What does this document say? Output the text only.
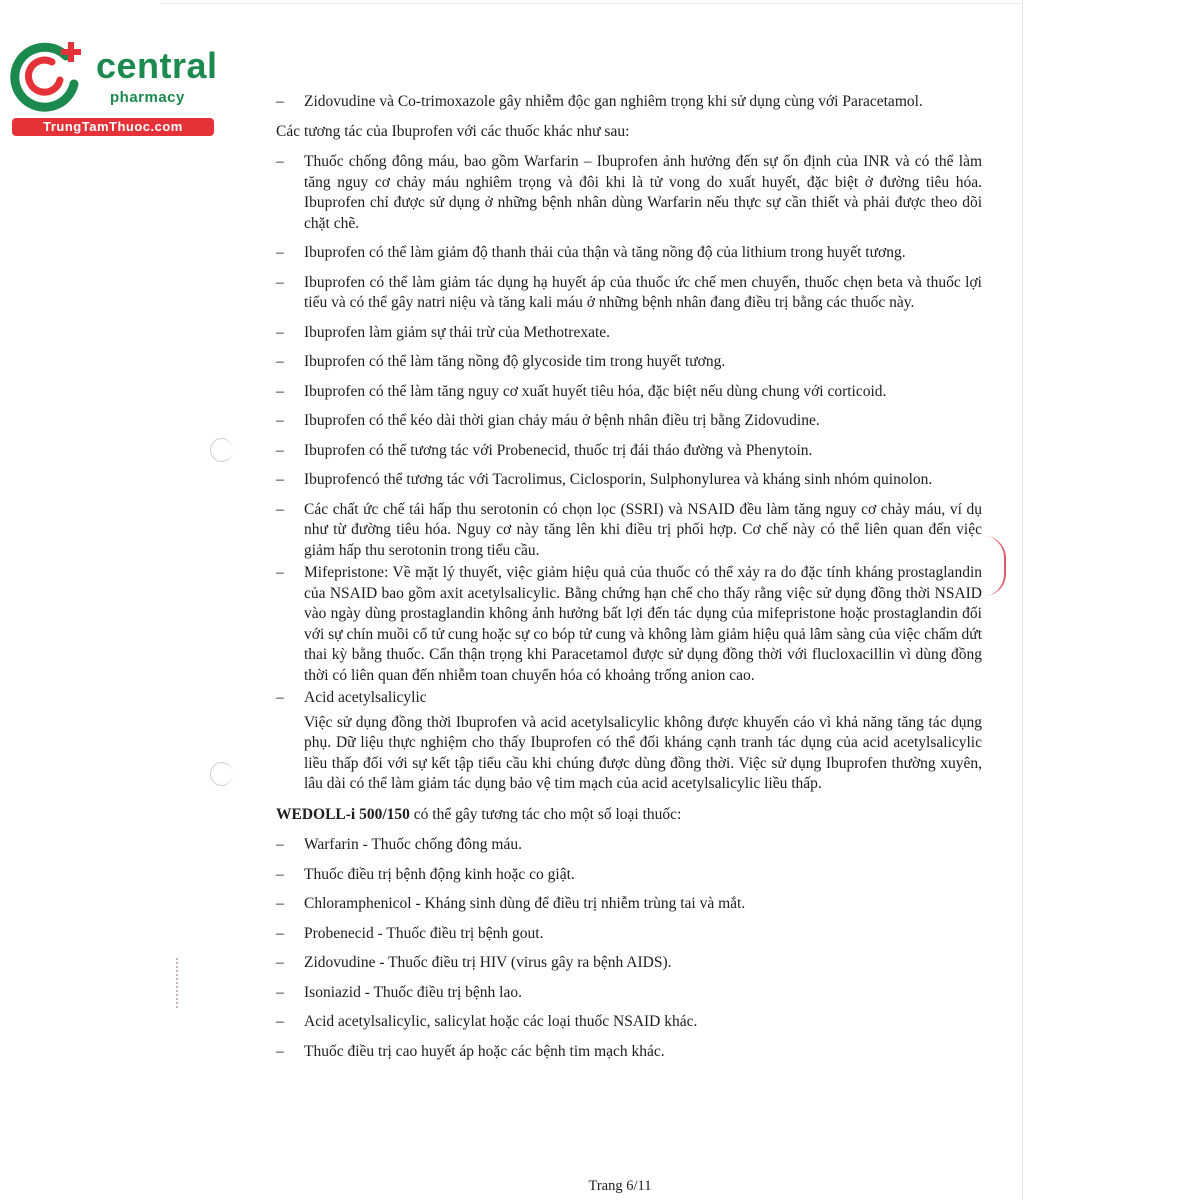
central
pharmacy
TrungTamThuoc.com
– Zidovudine và Co-trimoxazole gây nhiễm độc gan nghiêm trọng khi sử dụng cùng với Paracetamol.
Các tương tác của Ibuprofen với các thuốc khác như sau:
– Thuốc chống đông máu, bao gồm Warfarin – Ibuprofen ảnh hưởng đến sự ổn định của INR và có thể làm tăng nguy cơ chảy máu nghiêm trọng và đôi khi là tử vong do xuất huyết, đặc biệt ở đường tiêu hóa. Ibuprofen chỉ được sử dụng ở những bệnh nhân dùng Warfarin nếu thực sự cần thiết và phải được theo dõi chặt chẽ.
– Ibuprofen có thể làm giảm độ thanh thải của thận và tăng nồng độ của lithium trong huyết tương.
– Ibuprofen có thể làm giảm tác dụng hạ huyết áp của thuốc ức chế men chuyển, thuốc chẹn beta và thuốc lợi tiểu và có thể gây natri niệu và tăng kali máu ở những bệnh nhân đang điều trị bằng các thuốc này.
– Ibuprofen làm giảm sự thải trừ của Methotrexate.
– Ibuprofen có thể làm tăng nồng độ glycoside tim trong huyết tương.
– Ibuprofen có thể làm tăng nguy cơ xuất huyết tiêu hóa, đặc biệt nếu dùng chung với corticoid.
– Ibuprofen có thể kéo dài thời gian chảy máu ở bệnh nhân điều trị bằng Zidovudine.
– Ibuprofen có thể tương tác với Probenecid, thuốc trị đái tháo đường và Phenytoin.
– Ibuprofencó thể tương tác với Tacrolimus, Ciclosporin, Sulphonylurea và kháng sinh nhóm quinolon.
– Các chất ức chế tái hấp thu serotonin có chọn lọc (SSRI) và NSAID đều làm tăng nguy cơ chảy máu, ví dụ như từ đường tiêu hóa. Nguy cơ này tăng lên khi điều trị phối hợp. Cơ chế này có thể liên quan đến việc giảm hấp thu serotonin trong tiểu cầu.
– Mifepristone: Về mặt lý thuyết, việc giảm hiệu quả của thuốc có thể xảy ra do đặc tính kháng prostaglandin của NSAID bao gồm axit acetylsalicylic. Bằng chứng hạn chế cho thấy rằng việc sử dụng đồng thời NSAID vào ngày dùng prostaglandin không ảnh hưởng bất lợi đến tác dụng của mifepristone hoặc prostaglandin đối với sự chín muồi cổ tử cung hoặc sự co bóp tử cung và không làm giảm hiệu quả lâm sàng của việc chấm dứt thai kỳ bằng thuốc. Cẩn thận trọng khi Paracetamol được sử dụng đồng thời với flucloxacillin vì dùng đồng thời có liên quan đến nhiễm toan chuyển hóa có khoảng trống anion cao.
– Acid acetylsalicylic
Việc sử dụng đồng thời Ibuprofen và acid acetylsalicylic không được khuyến cáo vì khả năng tăng tác dụng phụ. Dữ liệu thực nghiệm cho thấy Ibuprofen có thể đối kháng cạnh tranh tác dụng của acid acetylsalicylic liều thấp đối với sự kết tập tiểu cầu khi chúng được dùng đồng thời. Việc sử dụng Ibuprofen thường xuyên, lâu dài có thể làm giảm tác dụng bảo vệ tim mạch của acid acetylsalicylic liều thấp.
WEDOLL-i 500/150 có thể gây tương tác cho một số loại thuốc:
– Warfarin - Thuốc chống đông máu.
– Thuốc điều trị bệnh động kinh hoặc co giật.
– Chloramphenicol - Kháng sinh dùng để điều trị nhiễm trùng tai và mắt.
– Probenecid - Thuốc điều trị bệnh gout.
– Zidovudine - Thuốc điều trị HIV (virus gây ra bệnh AIDS).
– Isoniazid - Thuốc điều trị bệnh lao.
– Acid acetylsalicylic, salicylat hoặc các loại thuốc NSAID khác.
– Thuốc điều trị cao huyết áp hoặc các bệnh tim mạch khác.
Trang 6/11
